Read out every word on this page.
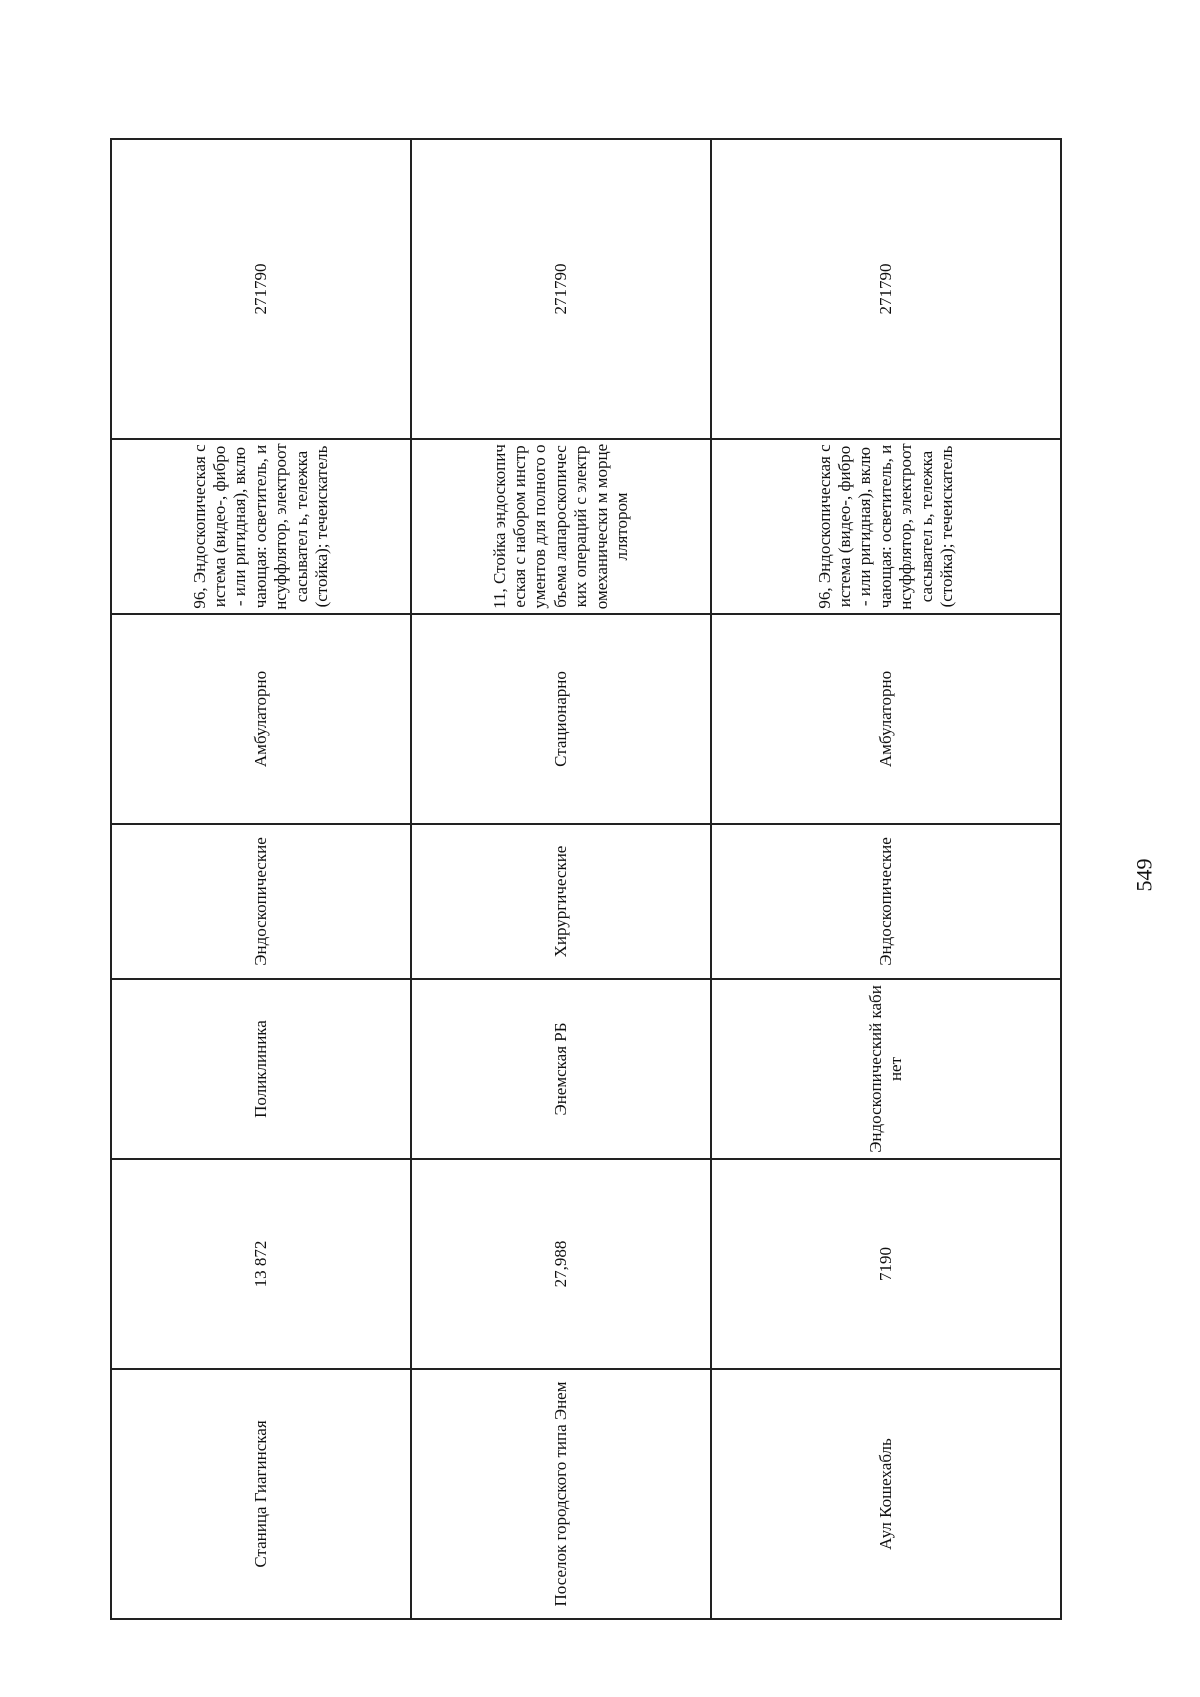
Станица Гиагинская	13 872	Поликлиника	Эндоскопические	Амбулаторно	96, Эндоскопическая система (видео-, фибро- или ригидная), включающая: осветитель, инсуффлятор, электроотсасывател ь, тележка (стойка); течеискатель	271790
Поселок городского типа Энем	27,988	Энемская РБ	Хирургические	Стационарно	11, Стойка эндоскопическая с набором инструментов для полного объема лапароскопических операций с электромеханически м морцеллятором	271790
Аул Кошехабль	7190	Эндоскопический кабинет	Эндоскопические	Амбулаторно	96, Эндоскопическая система (видео-, фибро- или ригидная), включающая: осветитель, инсуффлятор, электроотсасывател ь, тележка (стойка); течеискатель	271790
549
